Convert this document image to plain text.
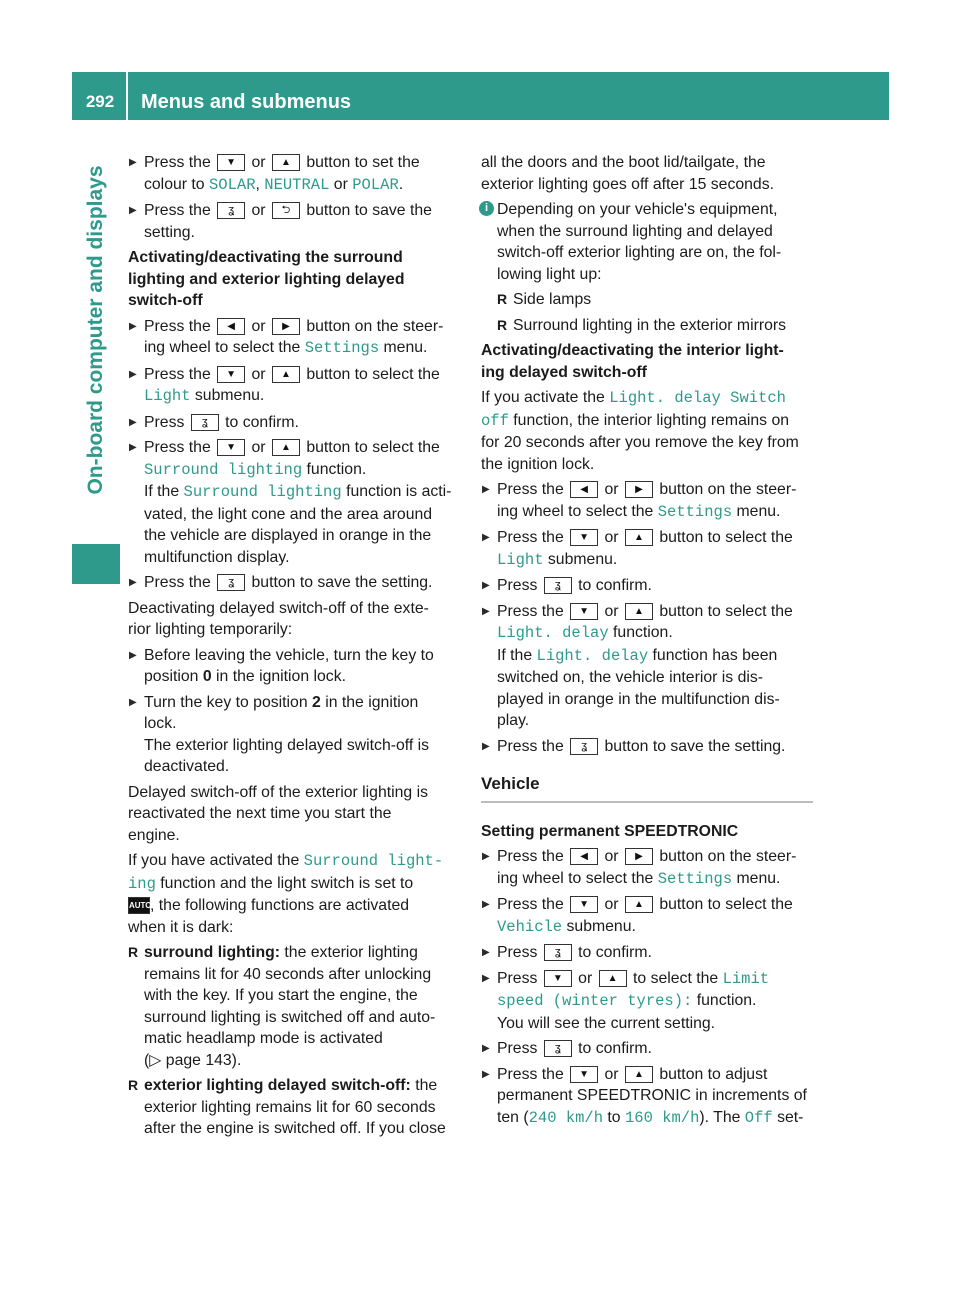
292	Menus and submenus
On-board computer and displays
▶ Press the ▼ or ▲ button to set the
colour to SOLAR, NEUTRAL or POLAR.
▶ Press the ʓ or ⮌ button to save the
setting.

Activating/deactivating the surround
lighting and exterior lighting delayed
switch-off

▶ Press the ◀ or ▶ button on the steer-
ing wheel to select the Settings menu.
▶ Press the ▼ or ▲ button to select the
Light submenu.
▶ Press ʓ to confirm.
▶ Press the ▼ or ▲ button to select the
Surround lighting function.
If the Surround lighting function is acti-
vated, the light cone and the area around
the vehicle are displayed in orange in the
multifunction display.
▶ Press the ʓ button to save the setting.

Deactivating delayed switch-off of the exte-
rior lighting temporarily:

▶ Before leaving the vehicle, turn the key to
position 0 in the ignition lock.
▶ Turn the key to position 2 in the ignition
lock.
The exterior lighting delayed switch-off is
deactivated.

Delayed switch-off of the exterior lighting is
reactivated the next time you start the
engine.

If you have activated the Surround light‐
ing function and the light switch is set to
AUTO, the following functions are activated
when it is dark:

R surround lighting: the exterior lighting
remains lit for 40 seconds after unlocking
with the key. If you start the engine, the
surround lighting is switched off and auto-
matic headlamp mode is activated
(▷ page 143).
R exterior lighting delayed switch-off: the
exterior lighting remains lit for 60 seconds
after the engine is switched off. If you close

all the doors and the boot lid/tailgate, the
exterior lighting goes off after 15 seconds.

i Depending on your vehicle's equipment,
when the surround lighting and delayed
switch-off exterior lighting are on, the fol-
lowing light up:
R Side lamps
R Surround lighting in the exterior mirrors

Activating/deactivating the interior light-
ing delayed switch-off

If you activate the Light. delay Switch
off function, the interior lighting remains on
for 20 seconds after you remove the key from
the ignition lock.

▶ Press the ◀ or ▶ button on the steer-
ing wheel to select the Settings menu.
▶ Press the ▼ or ▲ button to select the
Light submenu.
▶ Press ʓ to confirm.
▶ Press the ▼ or ▲ button to select the
Light. delay function.
If the Light. delay function has been
switched on, the vehicle interior is dis-
played in orange in the multifunction dis-
play.
▶ Press the ʓ button to save the setting.
Vehicle

Setting permanent SPEEDTRONIC

▶ Press the ◀ or ▶ button on the steer-
ing wheel to select the Settings menu.
▶ Press the ▼ or ▲ button to select the
Vehicle submenu.
▶ Press ʓ to confirm.
▶ Press ▼ or ▲ to select the Limit
speed (winter tyres): function.
You will see the current setting.
▶ Press ʓ to confirm.
▶ Press the ▼ or ▲ button to adjust
permanent SPEEDTRONIC in increments of
ten (240 km/h to 160 km/h). The Off set-
